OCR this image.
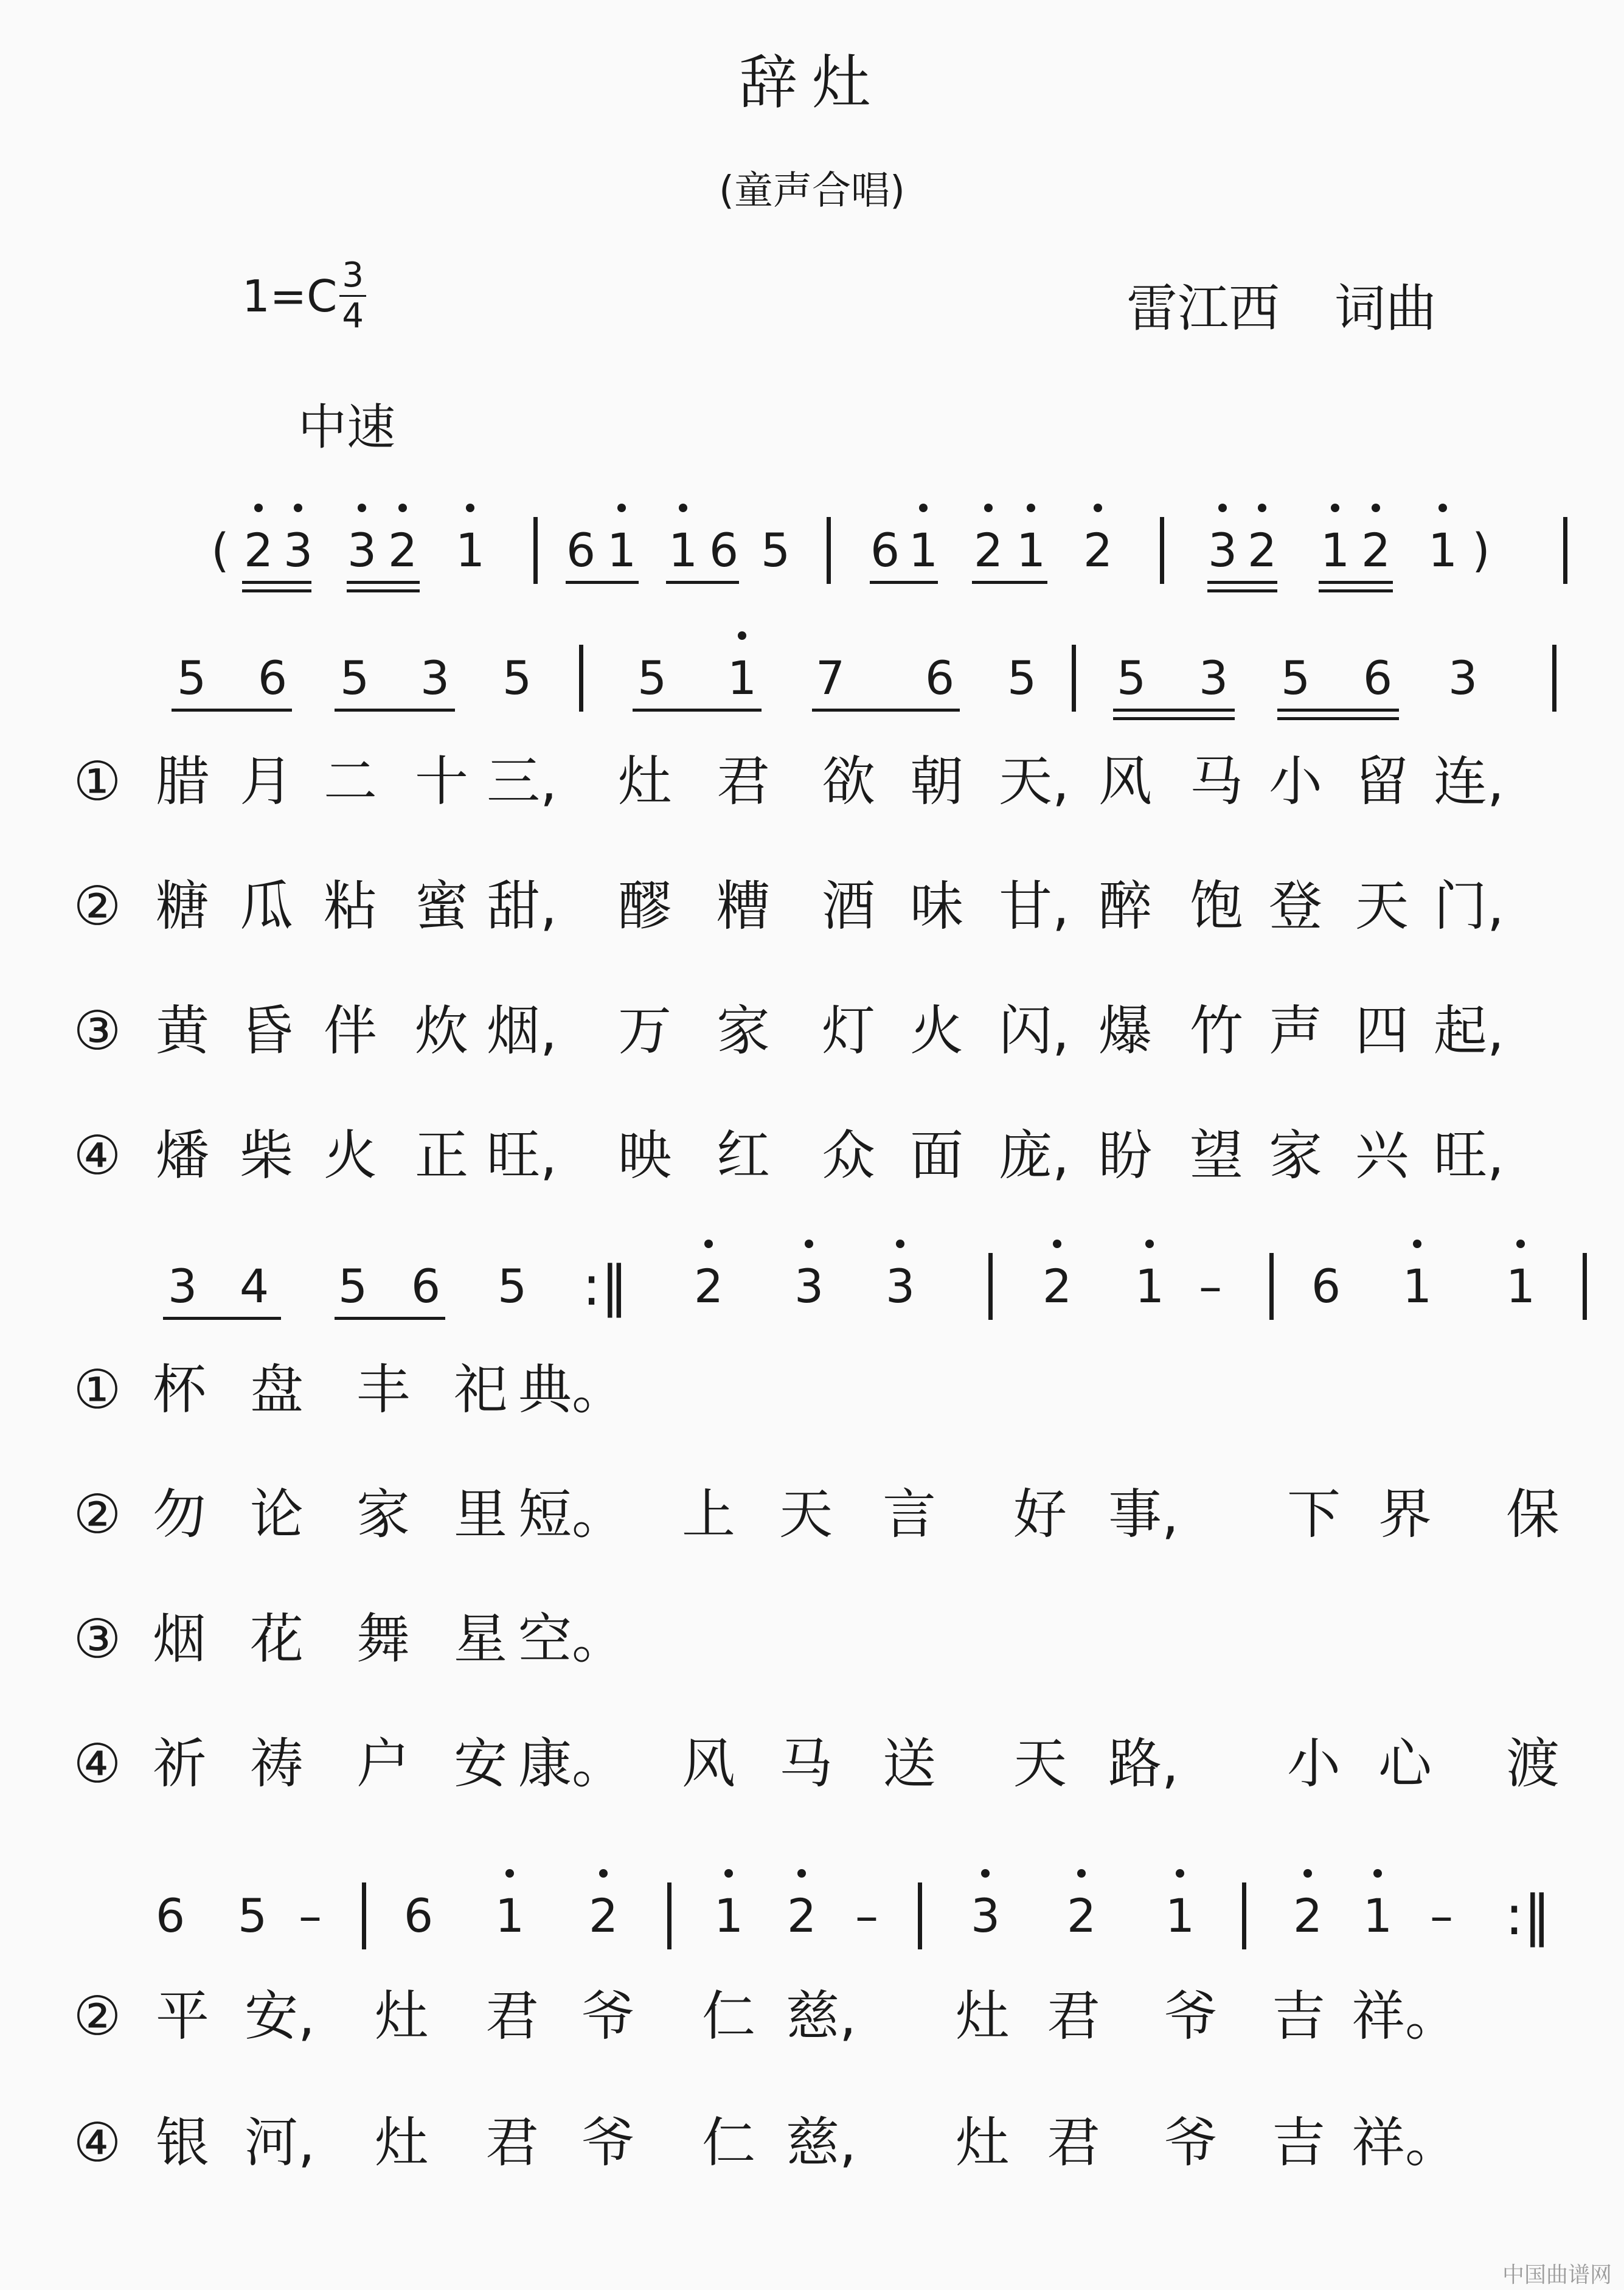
辞灶
(童声合唱)
$1=C \frac{3}{4}$	雷江西 词曲
中速
( 2 3 3 2 1 6 1 1 6 5 6 1 2 1 2 3 2 1 2 1 )
5 6 5 3 5 5 1 7 6 5 5 3 5 6 3
3 4 5 6 5 :‖ 2 3 3	2 1 – 6 1 1
6 5 – 6 1 2 1 2 – 3 2 1 2 1 – :‖
① 腊 月 二 十 三, 灶 君 欲 朝 天, 风 马 小 留 连,
② 糖 瓜 粘 蜜 甜, 醪 糟 酒 味 甘, 醉 饱 登 天 门,
③ 黄 昏 伴 炊 烟, 万 家 灯 火 闪, 爆 竹 声 四 起,
④ 燔 柴 火 正 旺, 映 红 众 面 庞, 盼 望 家 兴 旺,
① 杯 盘 丰 祀 典。
② 勿 论 家 里 短。 上 天 言 好 事, 下 界 保
③ 烟 花 舞 星 空。
④ 祈 祷 户 安 康。 风 马 送 天 路, 小 心 渡
② 平 安, 灶 君 爷 仁 慈, 灶 君 爷 吉 祥。
④ 银 河, 灶 君 爷 仁 慈, 灶 君 爷 吉 祥。
中国曲谱网
